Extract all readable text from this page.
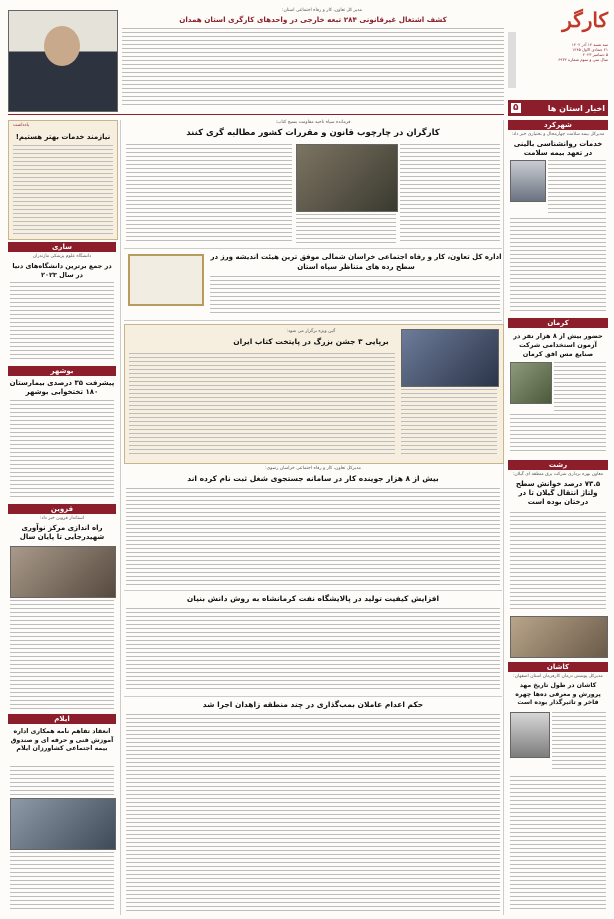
کارگر
سه شنبه ۱۴ آذر ۱۴۰۲
۲۱ جمادی الاول ۱۴۴۵
۵ دسامبر ۲۰۲۳
سال سی و سوم شماره ۶۹۳۲
اخبار استان ها
۵
شهرکرد
مدیرکل بیمه سلامت چهارمحال و بختیاری خبر داد:
خدمات روانشناسی بالینی در تعهد بیمه سلامت
کرمان
حضور بیش از ۸ هزار نفر در آزمون استخدامی شرکت صنایع مس افق کرمان
رشت
معاون بهره برداری شرکت برق منطقه ای گیلان:
۷۳.۵ درصد خوانش سطح ولتاژ انتقال گیلان تا در درختان بوده است
کاشان
مدیرکل پوشش درمان کارفرمان استان اصفهان:
کاشان در طول تاریخ مهد پرورش و معرفی ده‌ها چهره فاخر و تاثیرگذار بوده است
مدیر کل تعاون، کار و رفاه اجتماعی استان:
کشف اشتغال غیرقانونی ۲۸۴ تبعه خارجی در واحدهای کارگری استان همدان
یادداشت
نیازمند خدمات بهتر هستیم!
ساری
دانشگاه علوم پزشکی مازندران
در جمع برترین دانشگاه‌های دنیا در سال ۲۰۲۳
بوشهر
پیشرفت ۳۵ درصدی بیمارستان ۱۸۰ تختخوابی بوشهر
قزوین
استاندار قزوین خبر داد:
راه اندازی مرکز نوآوری شهیدرجایی تا پایان سال
ایلام
انعقاد تفاهم نامه همکاری اداره آموزش فنی و حرفه ای و صندوق بیمه اجتماعی کشاورزان ایلام
فرمانده سپاه ناحیه مقاومت بسیج کتاب:
کارگران در چارچوب قانون و مقررات کشور مطالبه گری کنند
اداره کل تعاون، کار و رفاه اجتماعی خراسان شمالی موفق ترین هیئت اندیشه ورز در سطح رده های متناظر سپاه استان
آئین ویژه برگزار می شود:
برپایی ۳ جشن بزرگ در پایتخت کتاب ایران
مدیرکل تعاون، کار و رفاه اجتماعی خراسان رضوی:
بیش از ۸ هزار جوینده کار در سامانه جستجوی شغل ثبت نام کرده اند
افزایش کیفیت تولید در پالایشگاه نفت کرمانشاه به روش دانش بنیان
حکم اعدام عاملان بمب‌گذاری در چند منطقه زاهدان اجرا شد
